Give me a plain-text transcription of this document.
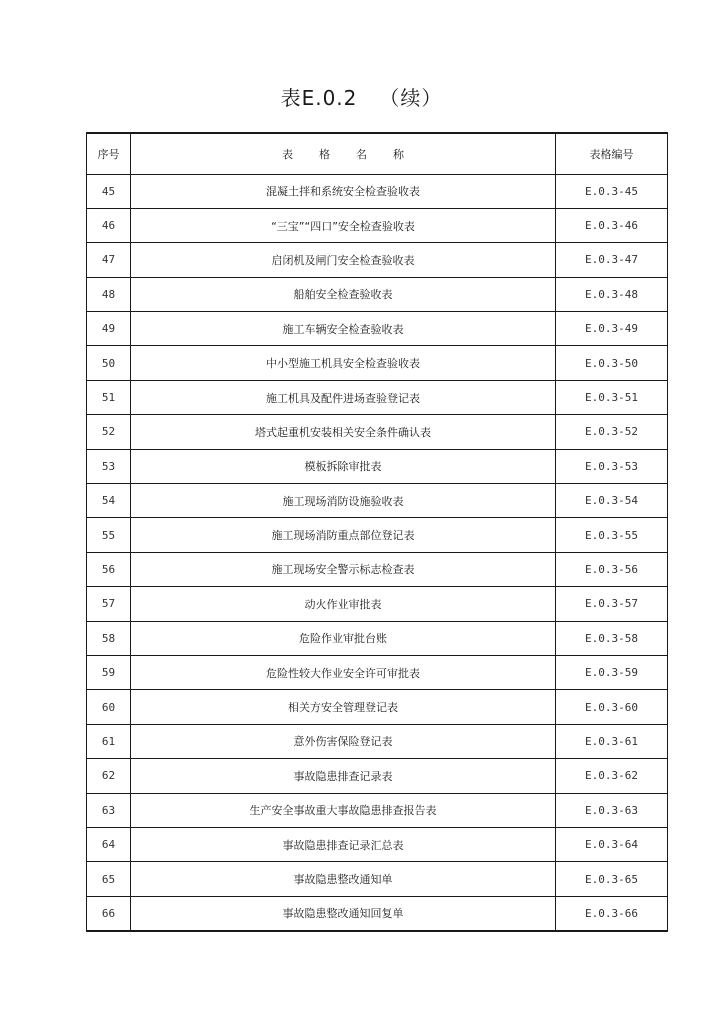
表E.0.2 （续）
序号	表 格 名 称	表格编号
45	混凝土拌和系统安全检查验收表	E.0.3-45
46	“三宝”“四口”安全检查验收表	E.0.3-46
47	启闭机及闸门安全检查验收表	E.0.3-47
48	船舶安全检查验收表	E.0.3-48
49	施工车辆安全检查验收表	E.0.3-49
50	中小型施工机具安全检查验收表	E.0.3-50
51	施工机具及配件进场查验登记表	E.0.3-51
52	塔式起重机安装相关安全条件确认表	E.0.3-52
53	模板拆除审批表	E.0.3-53
54	施工现场消防设施验收表	E.0.3-54
55	施工现场消防重点部位登记表	E.0.3-55
56	施工现场安全警示标志检查表	E.0.3-56
57	动火作业审批表	E.0.3-57
58	危险作业审批台账	E.0.3-58
59	危险性较大作业安全许可审批表	E.0.3-59
60	相关方安全管理登记表	E.0.3-60
61	意外伤害保险登记表	E.0.3-61
62	事故隐患排查记录表	E.0.3-62
63	生产安全事故重大事故隐患排查报告表	E.0.3-63
64	事故隐患排查记录汇总表	E.0.3-64
65	事故隐患整改通知单	E.0.3-65
66	事故隐患整改通知回复单	E.0.3-66
